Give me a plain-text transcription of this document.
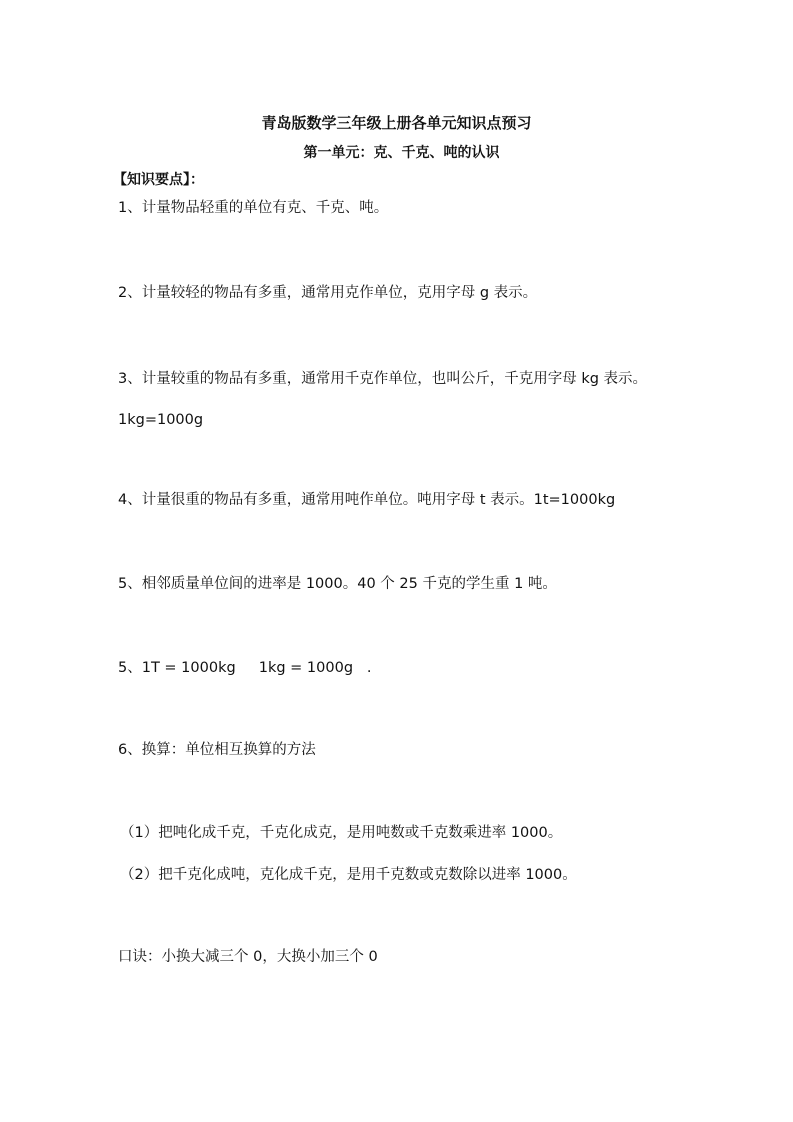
青岛版数学三年级上册各单元知识点预习
第一单元：克、千克、吨的认识
【知识要点】：
1、计量物品轻重的单位有克、千克、吨。
2、计量较轻的物品有多重，通常用克作单位，克用字母 g 表示。
3、计量较重的物品有多重，通常用千克作单位，也叫公斤，千克用字母 kg 表示。
1kg=1000g
4、计量很重的物品有多重，通常用吨作单位。吨用字母 t 表示。1t=1000kg
5、相邻质量单位间的进率是 1000。40 个 25 千克的学生重 1 吨。
5、1T = 1000kg     1kg = 1000g   .
6、换算：单位相互换算的方法
（1）把吨化成千克，千克化成克，是用吨数或千克数乘进率 1000。
（2）把千克化成吨，克化成千克，是用千克数或克数除以进率 1000。
口诀：小换大减三个 0，大换小加三个 0
